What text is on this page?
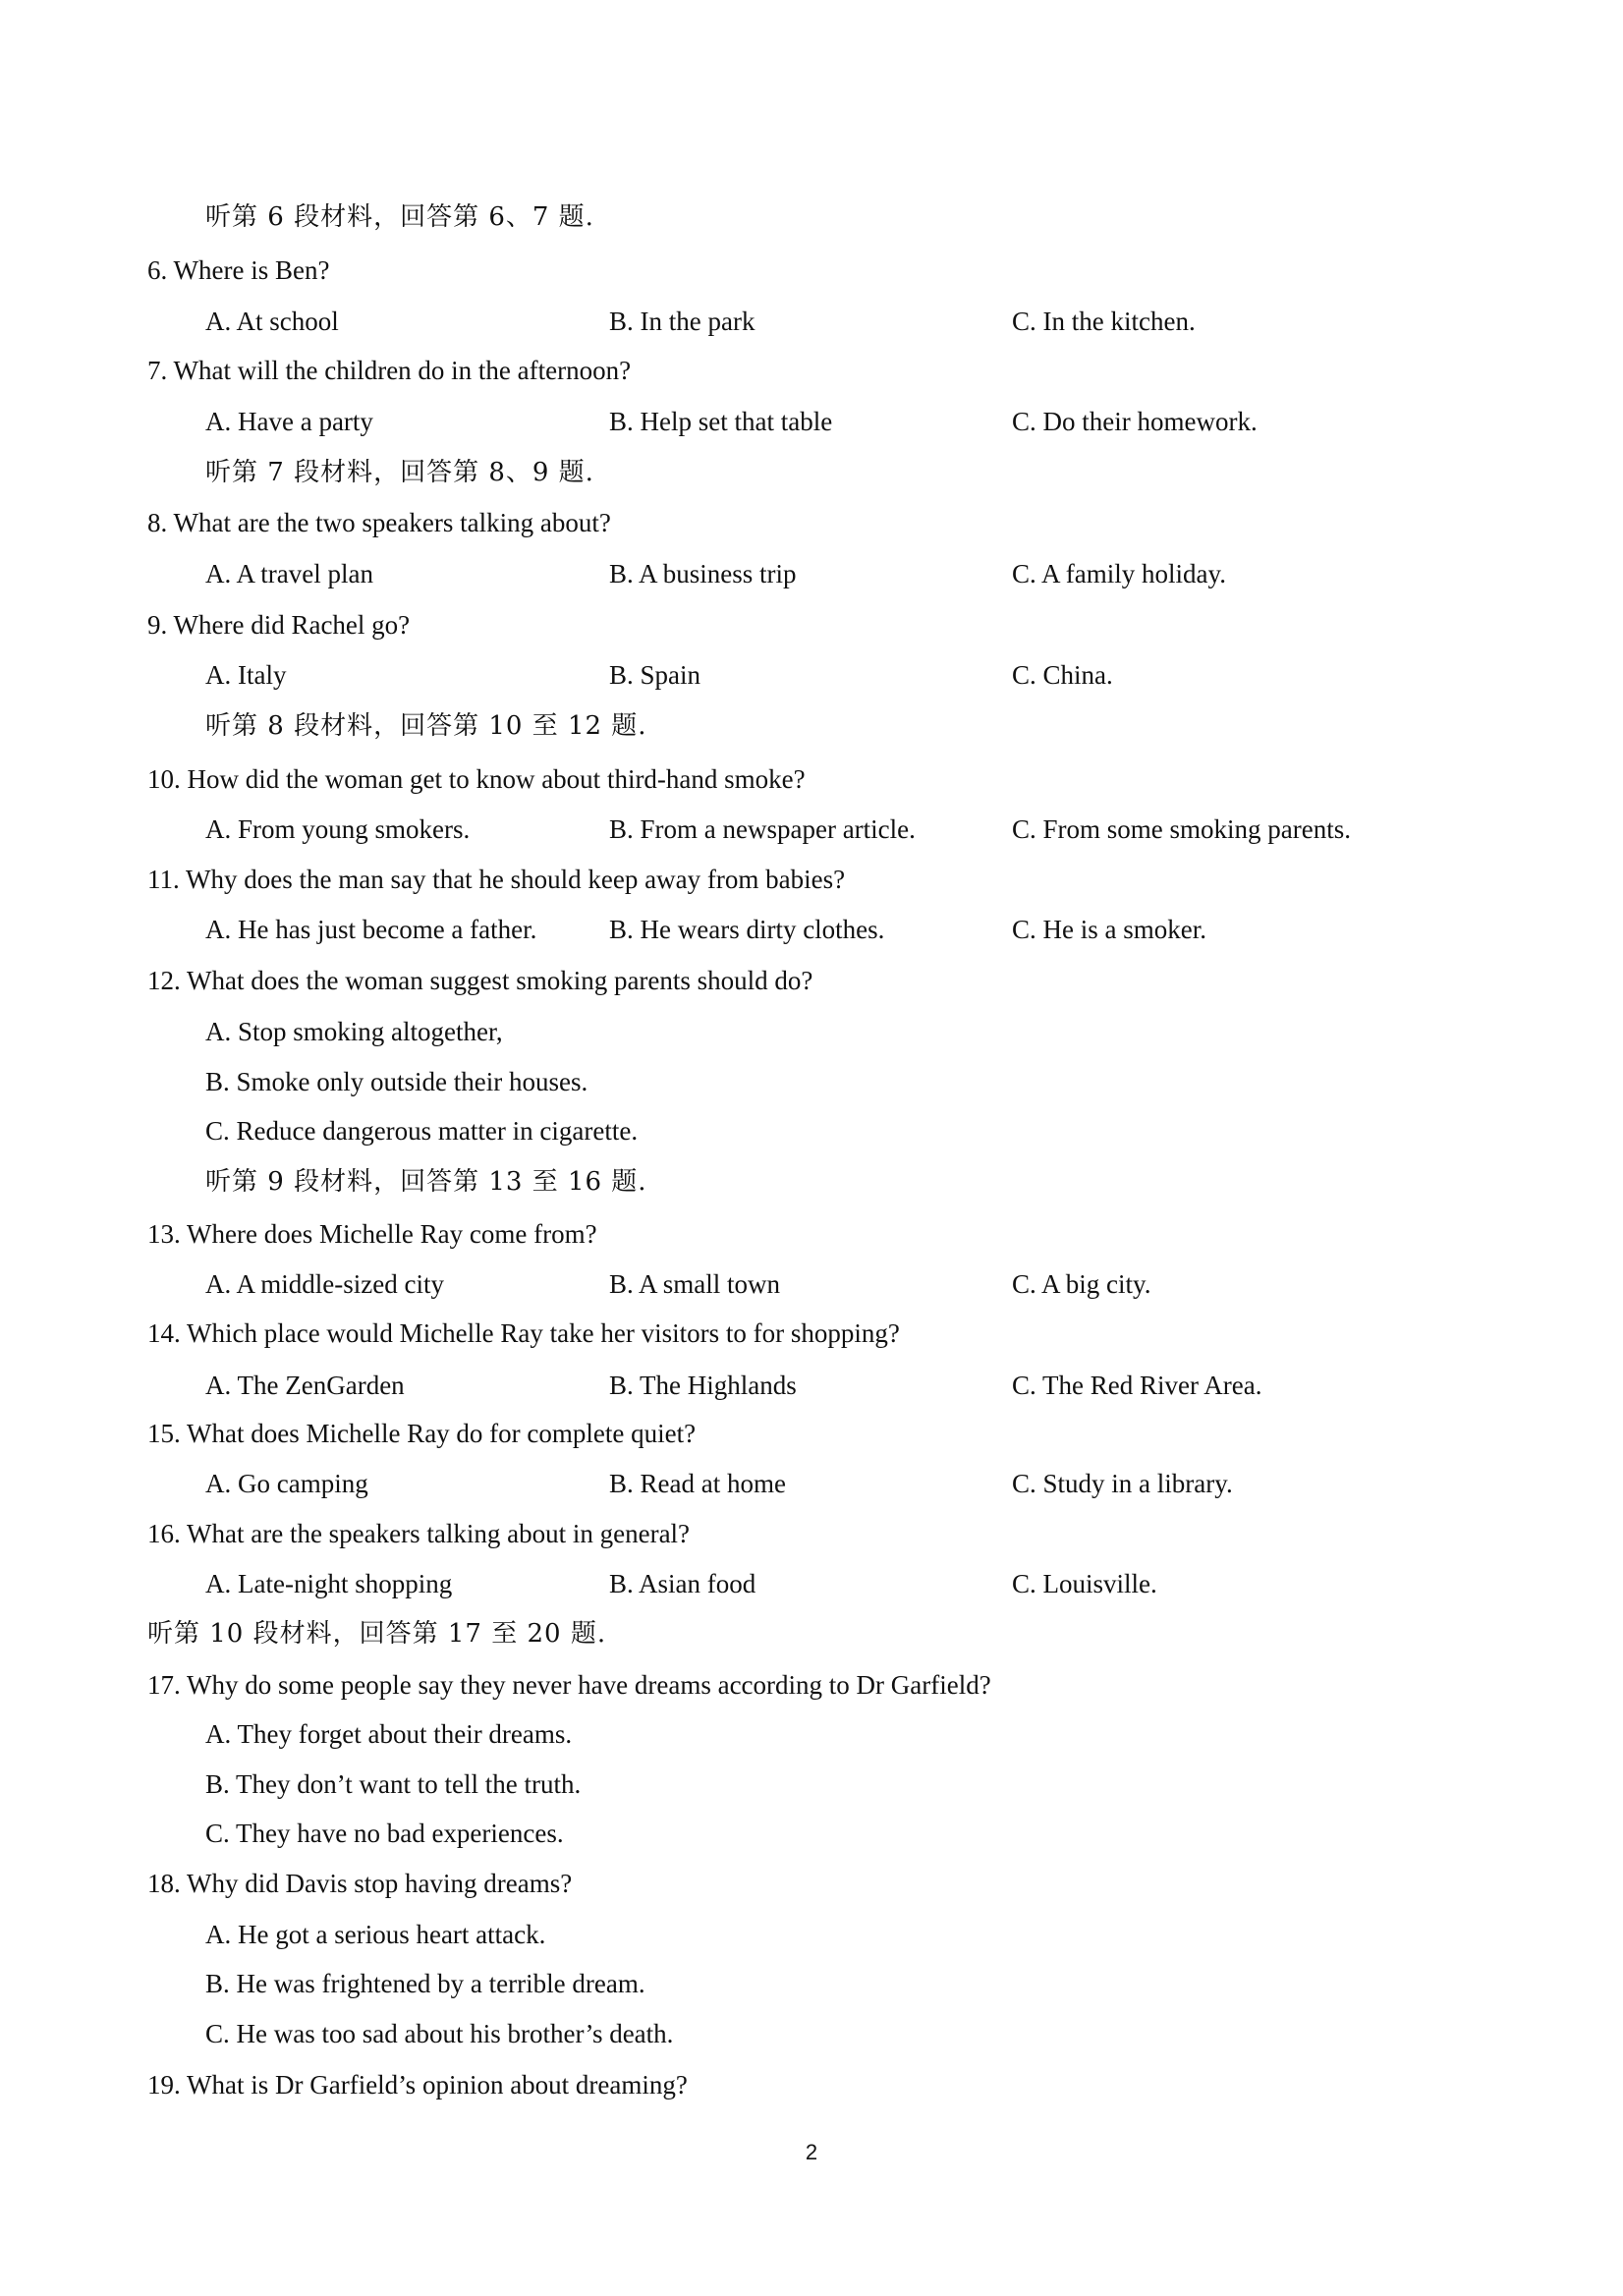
听第 6 段材料，回答第 6、7 题.
6. Where is Ben?
A. At school	B. In the park	C. In the kitchen.
7. What will the children do in the afternoon?
A. Have a party	B. Help set that table	C. Do their homework.
听第 7 段材料，回答第 8、9 题.
8. What are the two speakers talking about?
A. A travel plan	B. A business trip	C. A family holiday.
9. Where did Rachel go?
A. Italy	B. Spain	C. China.
听第 8 段材料，回答第 10 至 12 题.
10. How did the woman get to know about third-hand smoke?
A. From young smokers.	B. From a newspaper article.	C. From some smoking parents.
11. Why does the man say that he should keep away from babies?
A. He has just become a father.	B. He wears dirty clothes.	C. He is a smoker.
12. What does the woman suggest smoking parents should do?
A. Stop smoking altogether,
B. Smoke only outside their houses.
C. Reduce dangerous matter in cigarette.
听第 9 段材料，回答第 13 至 16 题.
13. Where does Michelle Ray come from?
A. A middle-sized city	B. A small town	C. A big city.
14. Which place would Michelle Ray take her visitors to for shopping?
A. The ZenGarden	B. The Highlands	C. The Red River Area.
15. What does Michelle Ray do for complete quiet?
A. Go camping	B. Read at home	C. Study in a library.
16. What are the speakers talking about in general?
A. Late-night shopping	B. Asian food	C. Louisville.
听第 10 段材料，回答第 17 至 20 题.
17. Why do some people say they never have dreams according to Dr Garfield?
A. They forget about their dreams.
B. They don’t want to tell the truth.
C. They have no bad experiences.
18. Why did Davis stop having dreams?
A. He got a serious heart attack.
B. He was frightened by a terrible dream.
C. He was too sad about his brother’s death.
19. What is Dr Garfield’s opinion about dreaming?
2
